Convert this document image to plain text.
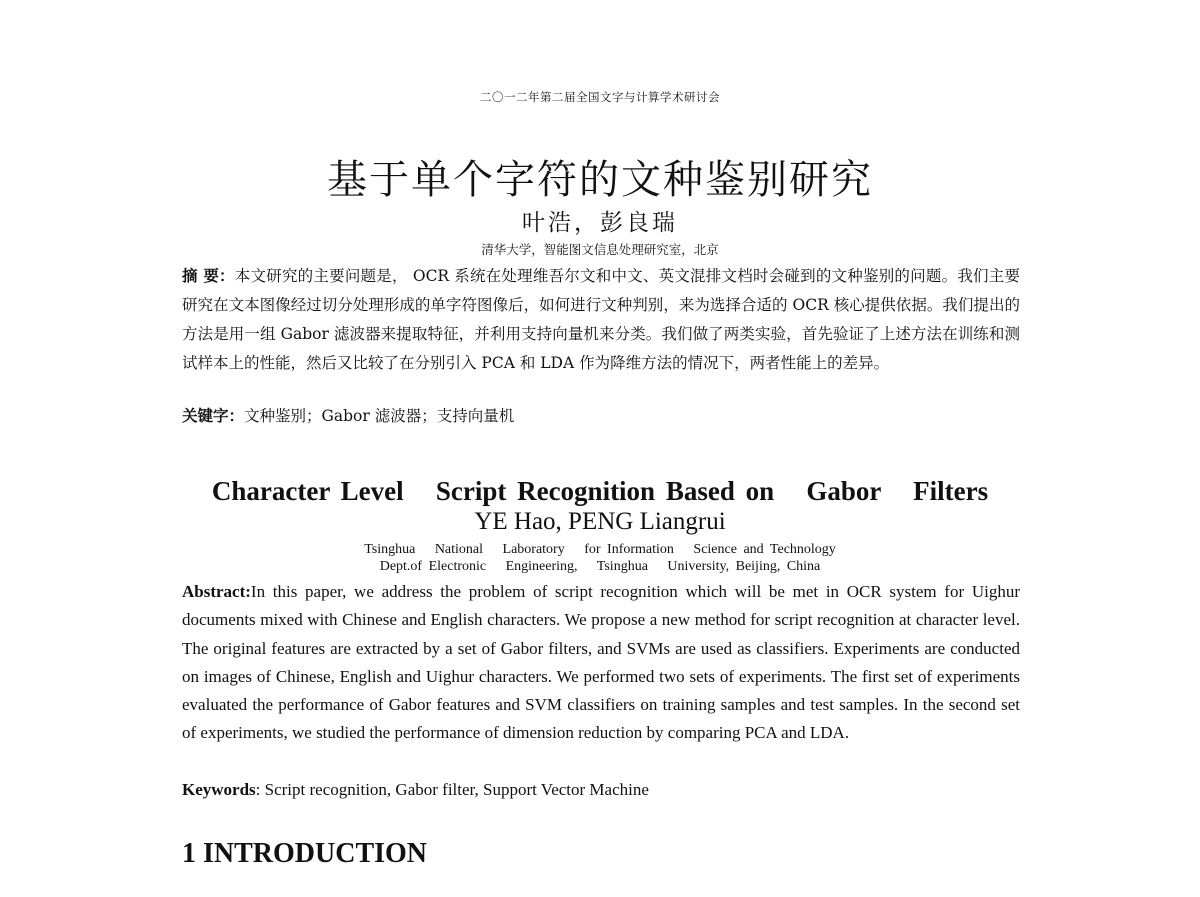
二〇一二年第二届全国文字与计算学术研讨会
基于单个字符的文种鉴别研究
叶浩，彭良瑞
清华大学，智能图文信息处理研究室，北京
摘 要：本文研究的主要问题是， OCR 系统在处理维吾尔文和中文、英文混排文档时会碰到的文种鉴别的问题。我们主要研究在文本图像经过切分处理形成的单字符图像后，如何进行文种判别，来为选择合适的 OCR 核心提供依据。我们提出的方法是用一组 Gabor 滤波器来提取特征，并利用支持向量机来分类。我们做了两类实验，首先验证了上述方法在训练和测试样本上的性能，然后又比较了在分别引入 PCA 和 LDA 作为降维方法的情况下，两者性能上的差异。
关键字：文种鉴别；Gabor 滤波器；支持向量机
Character Level   Script Recognition Based on   Gabor   Filters
YE Hao, PENG Liangrui
Tsinghua   National   Laboratory   for Information   Science and Technology
Dept.of Electronic   Engineering,   Tsinghua   University, Beijing, China
Abstract:In this paper, we address the problem of script recognition which will be met in OCR system for Uighur documents mixed with Chinese and English characters. We propose a new method for script recognition at character level. The original features are extracted by a set of Gabor filters, and SVMs are used as classifiers. Experiments are conducted on images of Chinese, English and Uighur characters. We performed two sets of experiments. The first set of experiments evaluated the performance of Gabor features and SVM classifiers on training samples and test samples. In the second set of experiments, we studied the performance of dimension reduction by comparing PCA and LDA.
Keywords: Script recognition, Gabor filter, Support Vector Machine
1 INTRODUCTION
